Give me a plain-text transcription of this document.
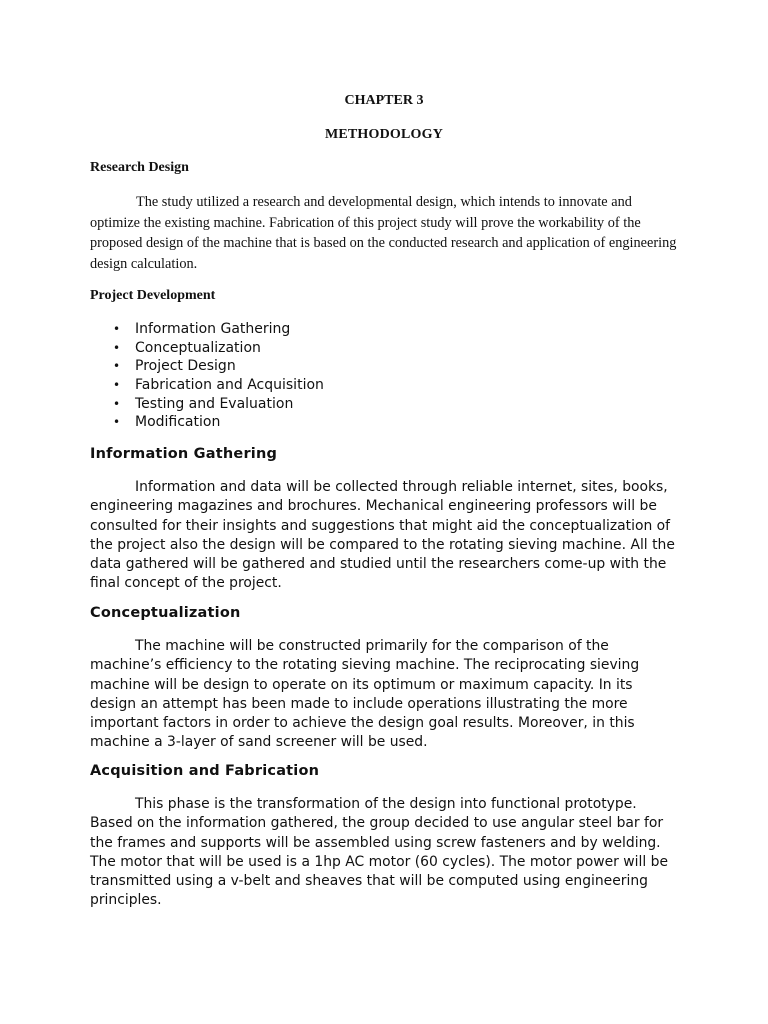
CHAPTER 3
METHODOLOGY
Research Design

The study utilized a research and developmental design, which intends to innovate and optimize the existing machine. Fabrication of this project study will prove the workability of the proposed design of the machine that is based on the conducted research and application of engineering design calculation.

Project Development
• Information Gathering
• Conceptualization
• Project Design
• Fabrication and Acquisition
• Testing and Evaluation
• Modification
Information Gathering

Information and data will be collected through reliable internet, sites, books, engineering magazines and brochures. Mechanical engineering professors will be consulted for their insights and suggestions that might aid the conceptualization of the project also the design will be compared to the rotating sieving machine. All the data gathered will be gathered and studied until the researchers come-up with the final concept of the project.

Conceptualization

The machine will be constructed primarily for the comparison of the machine’s efficiency to the rotating sieving machine. The reciprocating sieving machine will be design to operate on its optimum or maximum capacity. In its design an attempt has been made to include operations illustrating the more important factors in order to achieve the design goal results. Moreover, in this machine a 3-layer of sand screener will be used.

Acquisition and Fabrication

This phase is the transformation of the design into functional prototype. Based on the information gathered, the group decided to use angular steel bar for the frames and supports will be assembled using screw fasteners and by welding. The motor that will be used is a 1hp AC motor (60 cycles). The motor power will be transmitted using a v-belt and sheaves that will be computed using engineering principles.
